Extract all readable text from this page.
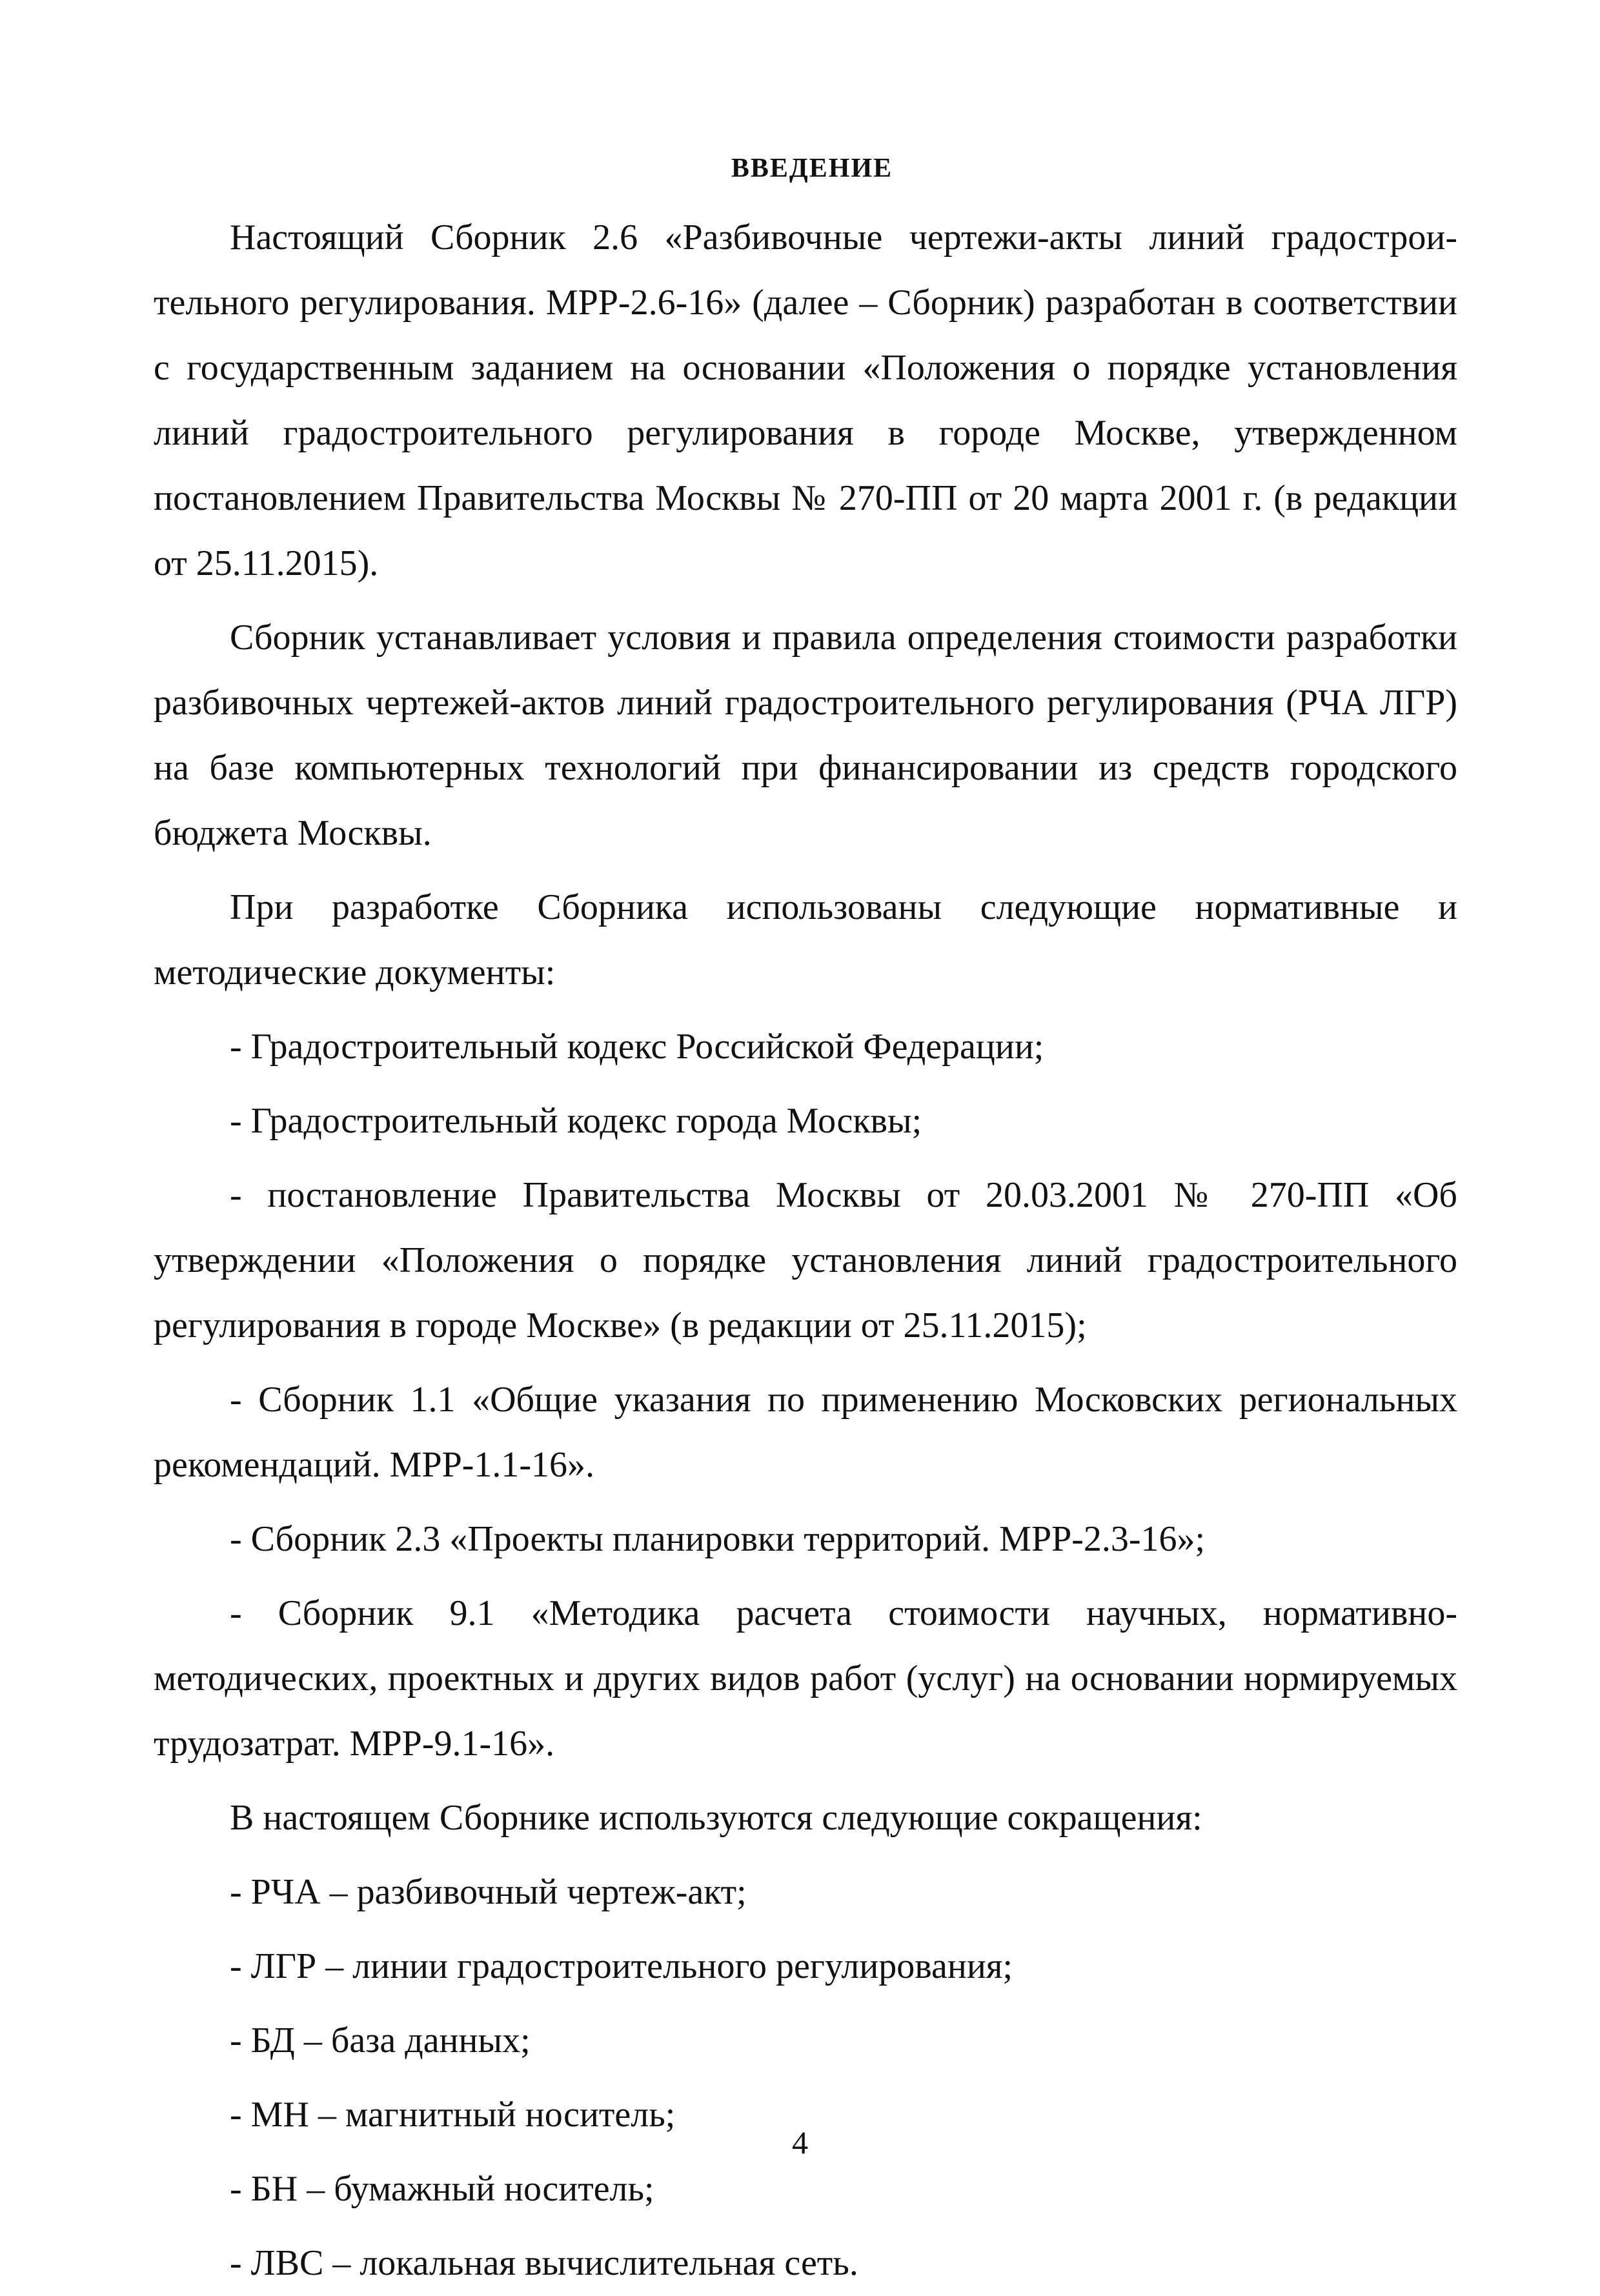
ВВЕДЕНИЕ

Настоящий Сборник 2.6 «Разбивочные чертежи-акты линий градостроительного регулирования. МРР-2.6-16» (далее – Сборник) разработан в соответствии с государственным заданием на основании «Положения о порядке установления линий градостроительного регулирования в городе Москве, утвержденном постановлением Правительства Москвы № 270-ПП от 20 марта 2001 г. (в редакции от 25.11.2015).

Сборник устанавливает условия и правила определения стоимости разработки разбивочных чертежей-актов линий градостроительного регулирования (РЧА ЛГР) на базе компьютерных технологий при финансировании из средств городского бюджета Москвы.

При разработке Сборника использованы следующие нормативные и методические документы:

- Градостроительный кодекс Российской Федерации;

- Градостроительный кодекс города Москвы;

- постановление Правительства Москвы от 20.03.2001 № 270-ПП «Об утверждении «Положения о порядке установления линий градостроительного регулирования в городе Москве» (в редакции от 25.11.2015);

- Сборник 1.1 «Общие указания по применению Московских региональных рекомендаций. МРР-1.1-16».

- Сборник 2.3 «Проекты планировки территорий. МРР-2.3-16»;

- Сборник 9.1 «Методика расчета стоимости научных, нормативно-методических, проектных и других видов работ (услуг) на основании нормируемых трудозатрат. МРР-9.1-16».

В настоящем Сборнике используются следующие сокращения:

- РЧА – разбивочный чертеж-акт;

- ЛГР – линии градостроительного регулирования;

- БД – база данных;

- МН – магнитный носитель;

- БН – бумажный носитель;

- ЛВС – локальная вычислительная сеть.

4
